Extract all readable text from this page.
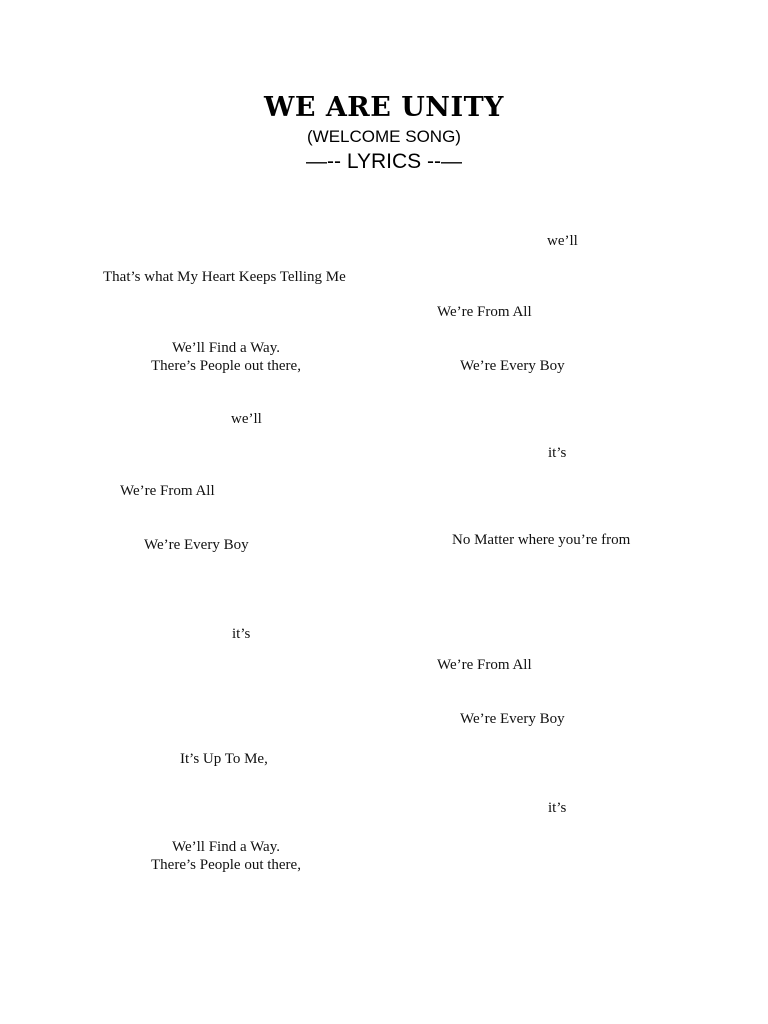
WE ARE UNITY
(WELCOME SONG)
—-- LYRICS --—
we’ll
That’s what My Heart Keeps Telling Me
We’re From All
We’ll Find a Way.
There’s People out there,	We’re Every Boy
we’ll
it’s
We’re From All
No Matter where you’re from
We’re Every Boy
it’s
We’re From All
We’re Every Boy
It’s Up To Me,
it’s
We’ll Find a Way.
There’s People out there,
